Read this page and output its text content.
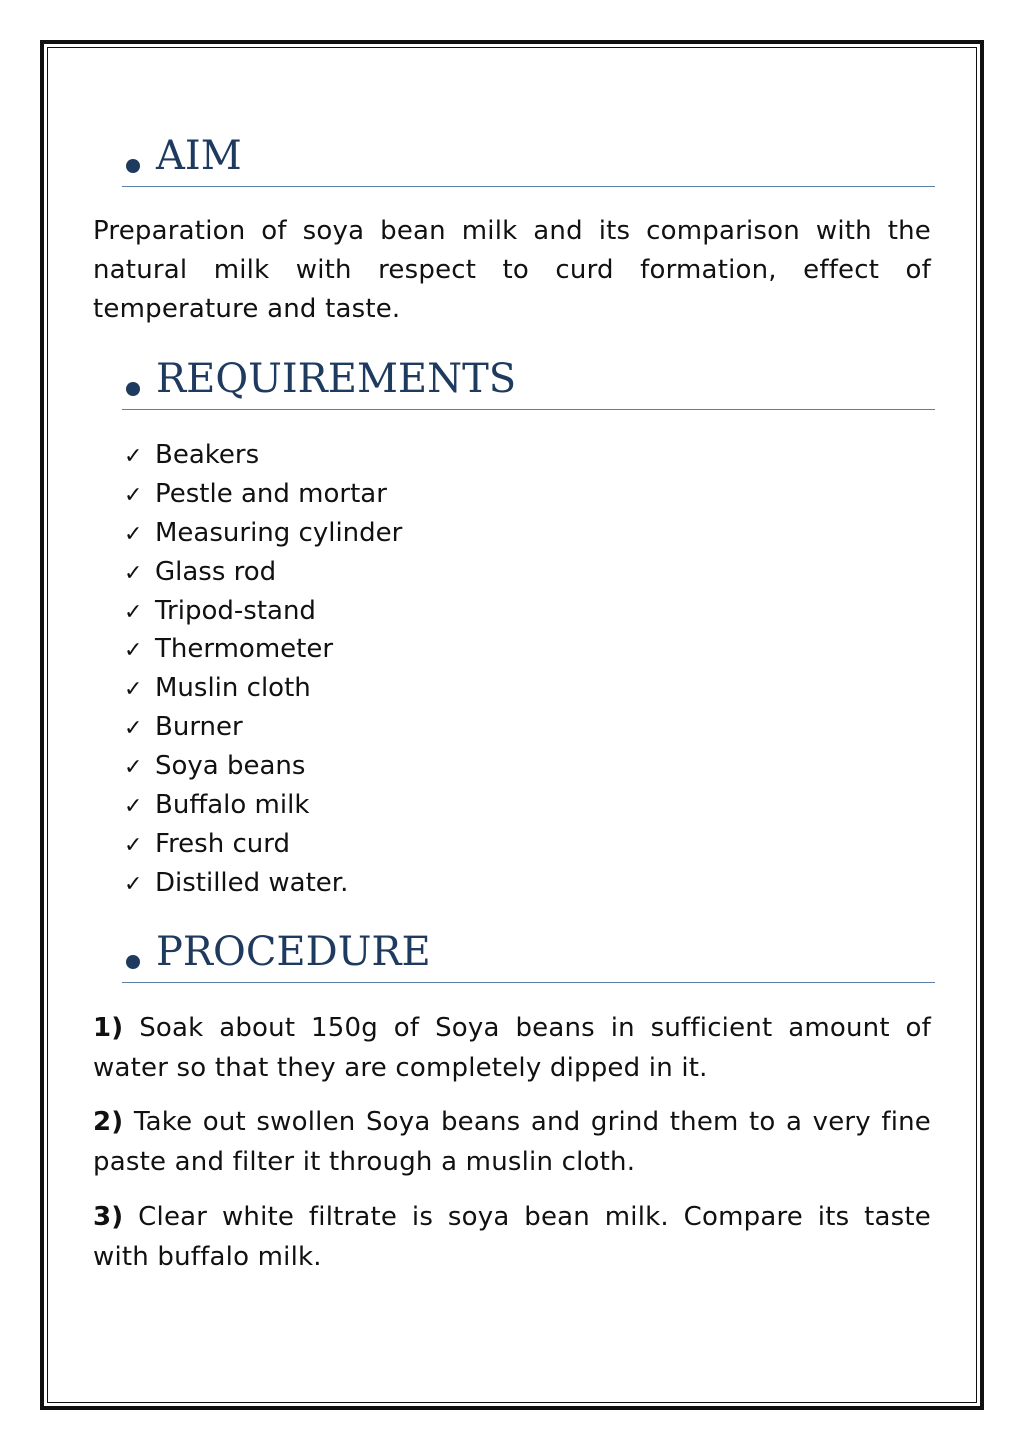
AIM
Preparation of soya bean milk and its comparison with the natural milk with respect to curd formation, effect of temperature and taste.
REQUIREMENTS
✓ Beakers
✓ Pestle and mortar
✓ Measuring cylinder
✓ Glass rod
✓ Tripod-stand
✓ Thermometer
✓ Muslin cloth
✓ Burner
✓ Soya beans
✓ Buffalo milk
✓ Fresh curd
✓ Distilled water.
PROCEDURE
1) Soak about 150g of Soya beans in sufficient amount of water so that they are completely dipped in it.
2) Take out swollen Soya beans and grind them to a very fine paste and filter it through a muslin cloth.
3) Clear white filtrate is soya bean milk. Compare its taste with buffalo milk.
